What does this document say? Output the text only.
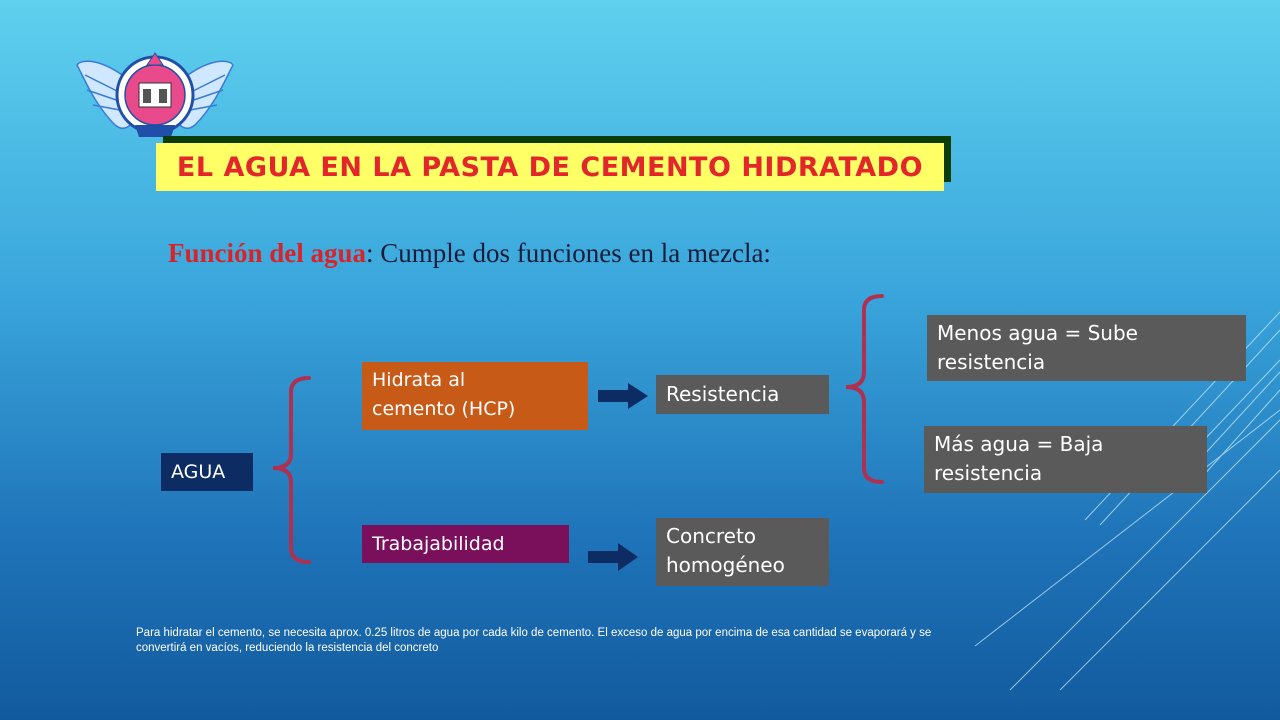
EL AGUA EN LA PASTA DE CEMENTO HIDRATADO
Función del agua: Cumple dos funciones en la mezcla:
AGUA
Hidrata al
cemento (HCP)
Trabajabilidad
Resistencia
Concreto
homogéneo
Menos agua = Sube
resistencia
Más agua = Baja
resistencia
Para hidratar el cemento, se necesita aprox. 0.25 litros de agua por cada kilo de cemento. El exceso de agua por encima de esa cantidad se evaporará y se
convertirá en vacíos, reduciendo la resistencia del concreto
